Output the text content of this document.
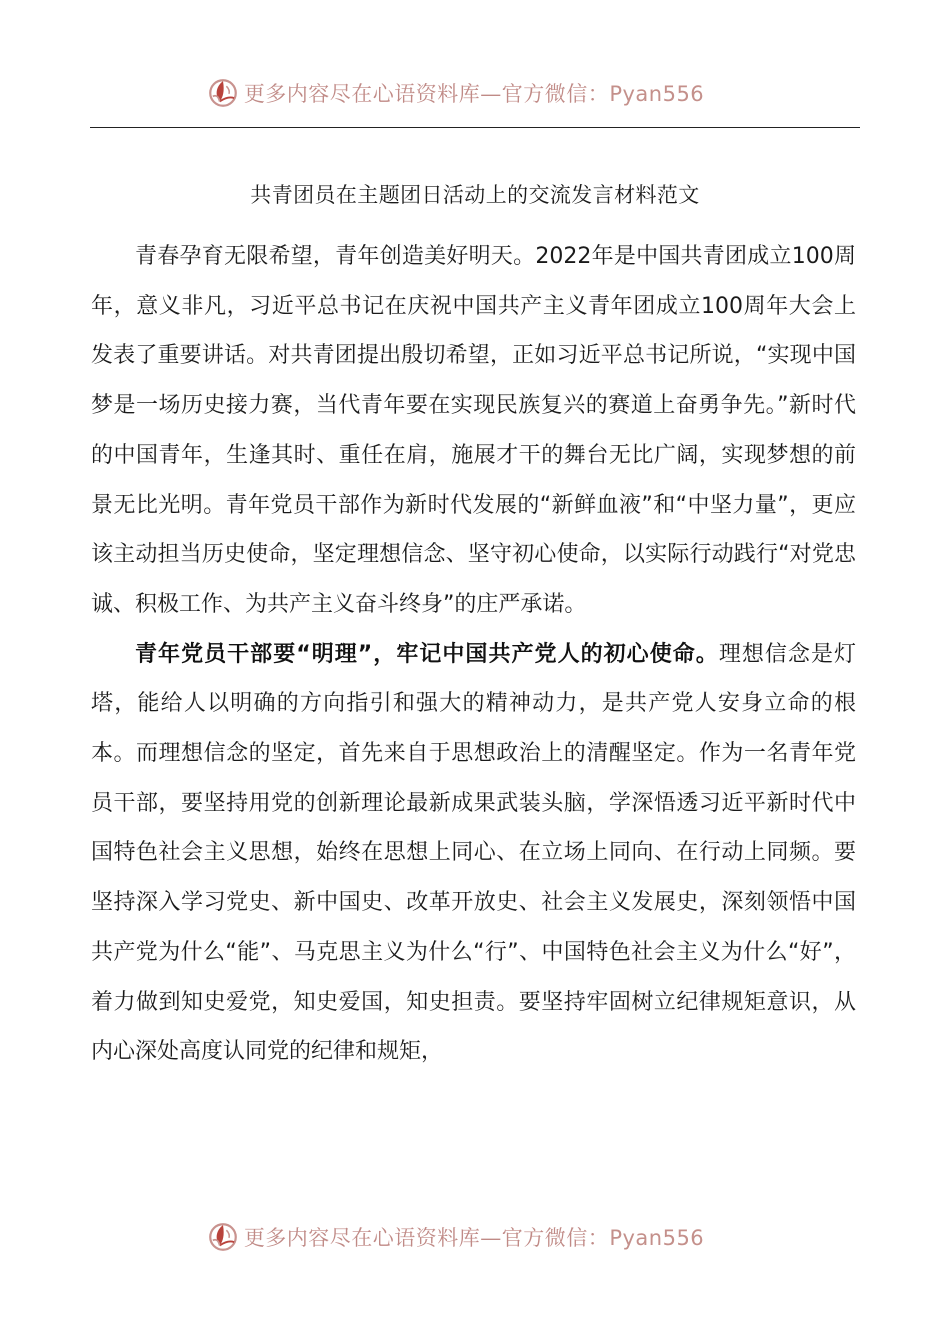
更多内容尽在心语资料库—官方微信：Pyan556
共青团员在主题团日活动上的交流发言材料范文

青春孕育无限希望，青年创造美好明天。2022年是中国共青团成立100周年，意义非凡，习近平总书记在庆祝中国共产主义青年团成立100周年大会上发表了重要讲话。对共青团提出殷切希望，正如习近平总书记所说，“实现中国梦是一场历史接力赛，当代青年要在实现民族复兴的赛道上奋勇争先。”新时代的中国青年，生逢其时、重任在肩，施展才干的舞台无比广阔，实现梦想的前景无比光明。青年党员干部作为新时代发展的“新鲜血液”和“中坚力量”，更应该主动担当历史使命，坚定理想信念、坚守初心使命，以实际行动践行“对党忠诚、积极工作、为共产主义奋斗终身”的庄严承诺。

青年党员干部要“明理”，牢记中国共产党人的初心使命。理想信念是灯塔，能给人以明确的方向指引和强大的精神动力，是共产党人安身立命的根本。而理想信念的坚定，首先来自于思想政治上的清醒坚定。作为一名青年党员干部，要坚持用党的创新理论最新成果武装头脑，学深悟透习近平新时代中国特色社会主义思想，始终在思想上同心、在立场上同向、在行动上同频。要坚持深入学习党史、新中国史、改革开放史、社会主义发展史，深刻领悟中国共产党为什么“能”、马克思主义为什么“行”、中国特色社会主义为什么“好”，着力做到知史爱党，知史爱国，知史担责。要坚持牢固树立纪律规矩意识，从内心深处高度认同党的纪律和规矩，

更多内容尽在心语资料库—官方微信：Pyan556
